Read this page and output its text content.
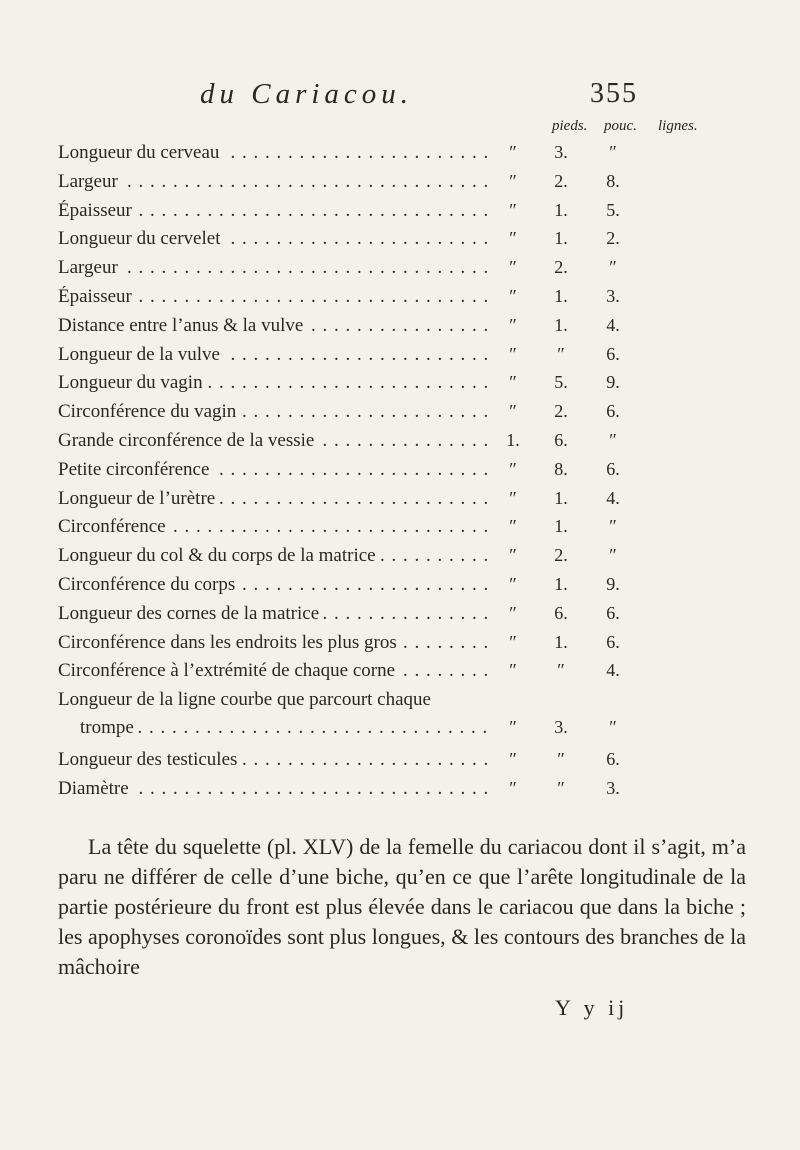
du Cariacou.	355
pieds. pouc. lignes.
Longueur du cerveau . . .	″	3.	″
Largeur . . .	″	2.	8.
Épaisseur . . .	″	1.	5.
Longueur du cervelet . . .	″	1.	2.
Largeur . . .	″	2.	″
Épaisseur . . .	″	1.	3.
Distance entre l’anus & la vulve . . .	″	1.	4.
Longueur de la vulve . . .	″	″	6.
Longueur du vagin . . .	″	5.	9.
Circonférence du vagin . . .	″	2.	6.
Grande circonférence de la vessie . . .	1.	6.	″
Petite circonférence . . .	″	8.	6.
Longueur de l’urètre . . .	″	1.	4.
Circonférence . . .	″	1.	″
Longueur du col & du corps de la matrice . . .	″	2.	″
Circonférence du corps . . .	″	1.	9.
Longueur des cornes de la matrice . . .	″	6.	6.
Circonférence dans les endroits les plus gros . . .	″	1.	6.
Circonférence à l’extrémité de chaque corne . . .	″	″	4.
Longueur de la ligne courbe que parcourt chaque
trompe . . .	″	3.	″
Longueur des testicules . . .	″	″	6.
Diamètre . . .	″	″	3.
La tête du squelette (pl. XLV) de la femelle du cariacou dont il s’agit, m’a paru ne différer de celle d’une biche, qu’en ce que l’arête longitudinale de la partie postérieure du front est plus élevée dans le cariacou que dans la biche ; les apophyses coronoïdes sont plus longues, & les contours des branches de la mâchoire
Y y ij
